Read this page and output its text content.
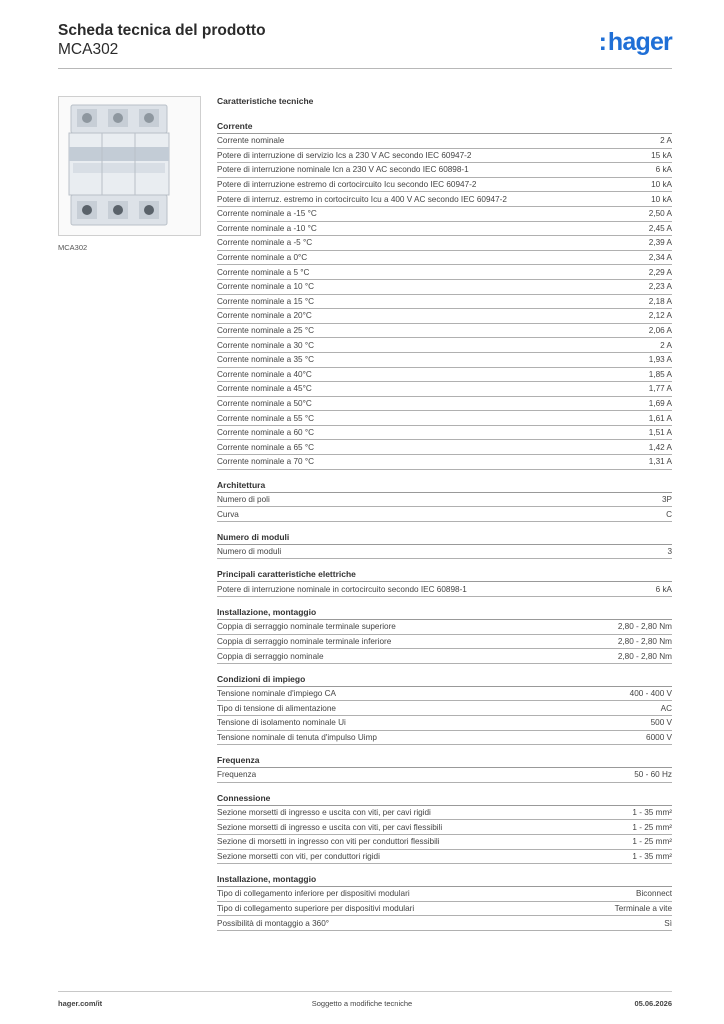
Scheda tecnica del prodotto
MCA302	:hager
MCA302
Caratteristiche tecniche
Corrente
Corrente nominale	2 A
Potere di interruzione di servizio Ics a 230 V AC secondo IEC 60947-2	15 kA
Potere di interruzione nominale Icn a 230 V AC secondo IEC 60898-1	6 kA
Potere di interruzione estremo di cortocircuito Icu secondo IEC 60947-2	10 kA
Potere di interruz. estremo in cortocircuito Icu a 400 V AC secondo IEC 60947-2	10 kA
Corrente nominale a -15 °C	2,50 A
Corrente nominale a -10 °C	2,45 A
Corrente nominale a -5 °C	2,39 A
Corrente nominale a 0°C	2,34 A
Corrente nominale a 5 °C	2,29 A
Corrente nominale a 10 °C	2,23 A
Corrente nominale a 15 °C	2,18 A
Corrente nominale a 20°C	2,12 A
Corrente nominale a 25 °C	2,06 A
Corrente nominale a 30 °C	2 A
Corrente nominale a 35 °C	1,93 A
Corrente nominale a 40°C	1,85 A
Corrente nominale a 45°C	1,77 A
Corrente nominale a 50°C	1,69 A
Corrente nominale a 55 °C	1,61 A
Corrente nominale a 60 °C	1,51 A
Corrente nominale a 65 °C	1,42 A
Corrente nominale a 70 °C	1,31 A
Architettura
Numero di poli	3P
Curva	C
Numero di moduli
Numero di moduli	3
Principali caratteristiche elettriche
Potere di interruzione nominale in cortocircuito secondo IEC 60898-1	6 kA
Installazione, montaggio
Coppia di serraggio nominale terminale superiore	2,80 - 2,80 Nm
Coppia di serraggio nominale terminale inferiore	2,80 - 2,80 Nm
Coppia di serraggio nominale	2,80 - 2,80 Nm
Condizioni di impiego
Tensione nominale d'impiego CA	400 - 400 V
Tipo di tensione di alimentazione	AC
Tensione di isolamento nominale Ui	500 V
Tensione nominale di tenuta d'impulso Uimp	6000 V
Frequenza
Frequenza	50 - 60 Hz
Connessione
Sezione morsetti di ingresso e uscita con viti, per cavi rigidi	1 - 35 mm²
Sezione morsetti di ingresso e uscita con viti, per cavi flessibili	1 - 25 mm²
Sezione di morsetti in ingresso con viti per conduttori flessibili	1 - 25 mm²
Sezione morsetti con viti, per conduttori rigidi	1 - 35 mm²
Installazione, montaggio
Tipo di collegamento inferiore per dispositivi modulari	Biconnect
Tipo di collegamento superiore per dispositivi modulari	Terminale a vite
Possibilità di montaggio a 360°	Sì
hager.com/it	Soggetto a modifiche tecniche	05.06.2026
